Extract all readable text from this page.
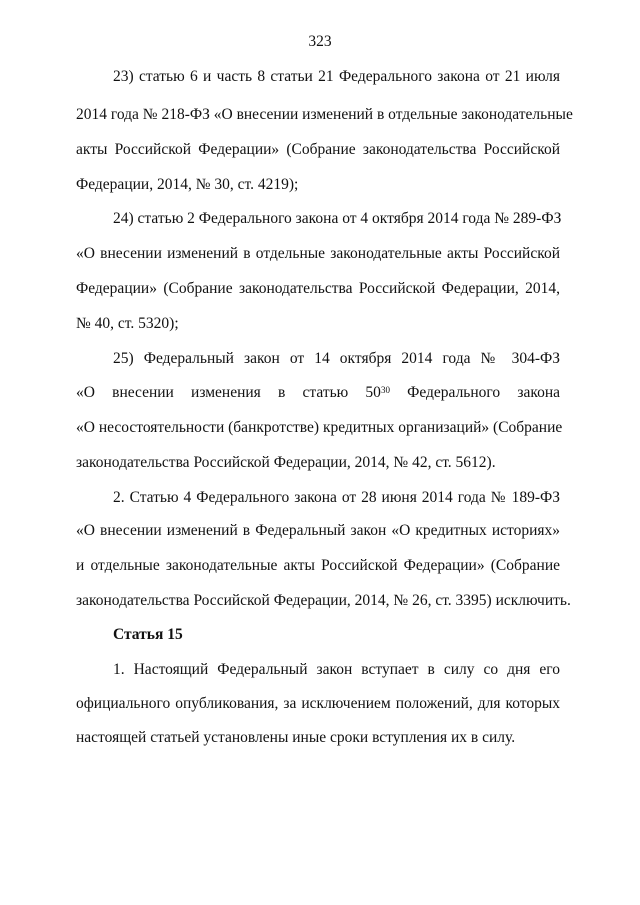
323
23) статью 6 и часть 8 статьи 21 Федерального закона от 21 июля
2014 года № 218-ФЗ «О внесении изменений в отдельные законодательные
акты Российской Федерации» (Собрание законодательства Российской
Федерации, 2014, № 30, ст. 4219);
24) статью 2 Федерального закона от 4 октября 2014 года № 289-ФЗ
«О внесении изменений в отдельные законодательные акты Российской
Федерации» (Собрание законодательства Российской Федерации, 2014,
№ 40, ст. 5320);
25) Федеральный закон от 14 октября 2014 года № 304-ФЗ
«О внесении изменения в статью $50^{30}$ Федерального закона
«О несостоятельности (банкротстве) кредитных организаций» (Собрание
законодательства Российской Федерации, 2014, № 42, ст. 5612).
2. Статью 4 Федерального закона от 28 июня 2014 года № 189-ФЗ
«О внесении изменений в Федеральный закон «О кредитных историях»
и отдельные законодательные акты Российской Федерации» (Собрание
законодательства Российской Федерации, 2014, № 26, ст. 3395) исключить.
Статья 15
1. Настоящий Федеральный закон вступает в силу со дня его
официального опубликования, за исключением положений, для которых
настоящей статьей установлены иные сроки вступления их в силу.
